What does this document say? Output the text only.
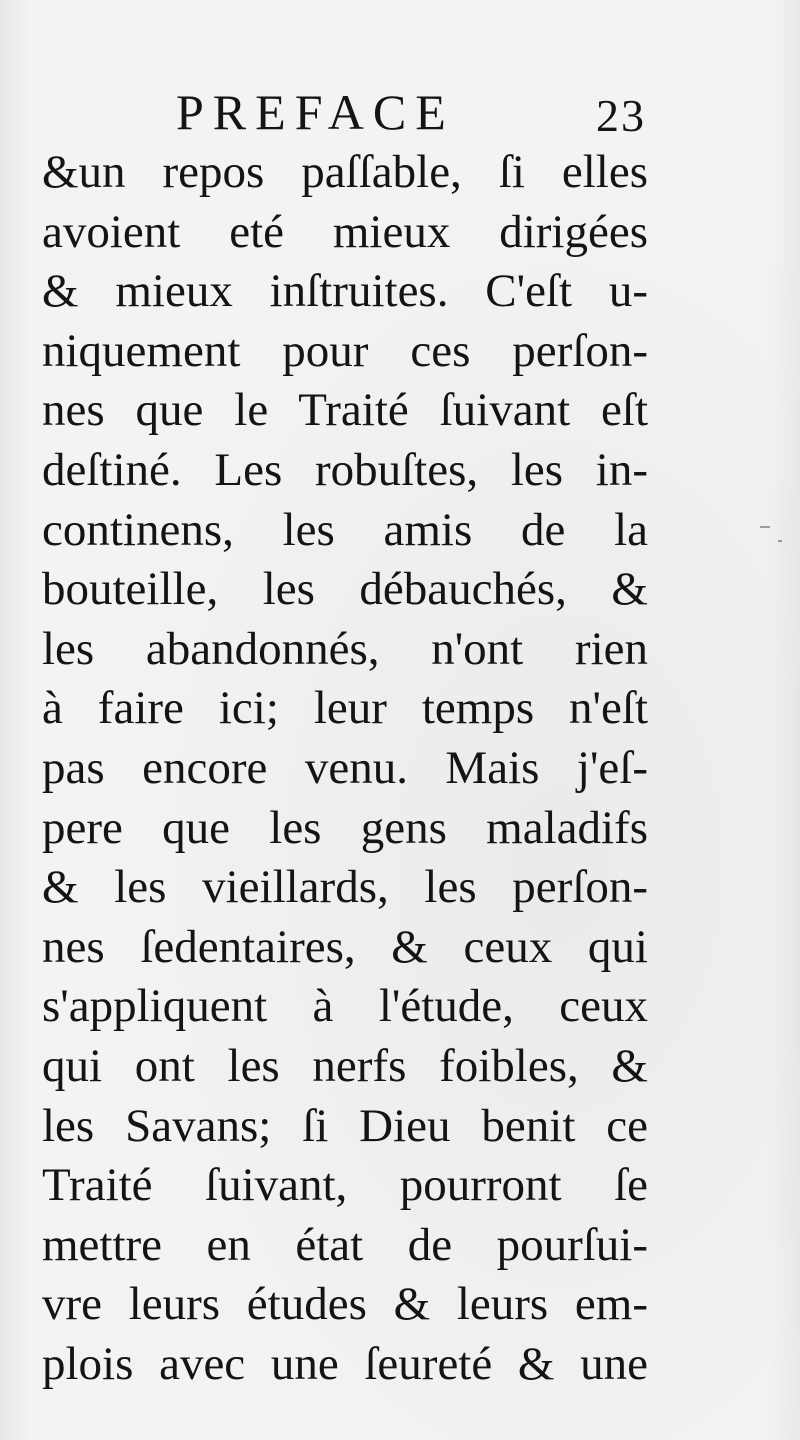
PREFACE	23
&un repos paſſable, ſi elles
avoient eté mieux dirigées
& mieux inſtruites. C'eſt u-
niquement pour ces perſon-
nes que le Traité ſuivant eſt
deſtiné. Les robuſtes, les in-
continens, les amis de la
bouteille, les débauchés, &
les abandonnés, n'ont rien
à faire ici; leur temps n'eſt
pas encore venu. Mais j'eſ-
pere que les gens maladifs
& les vieillards, les perſon-
nes ſedentaires, & ceux qui
s'appliquent à l'étude, ceux
qui ont les nerfs foibles, &
les Savans; ſi Dieu benit ce
Traité ſuivant, pourront ſe
mettre en état de pourſui-
vre leurs études & leurs em-
plois avec une ſeureté & une
